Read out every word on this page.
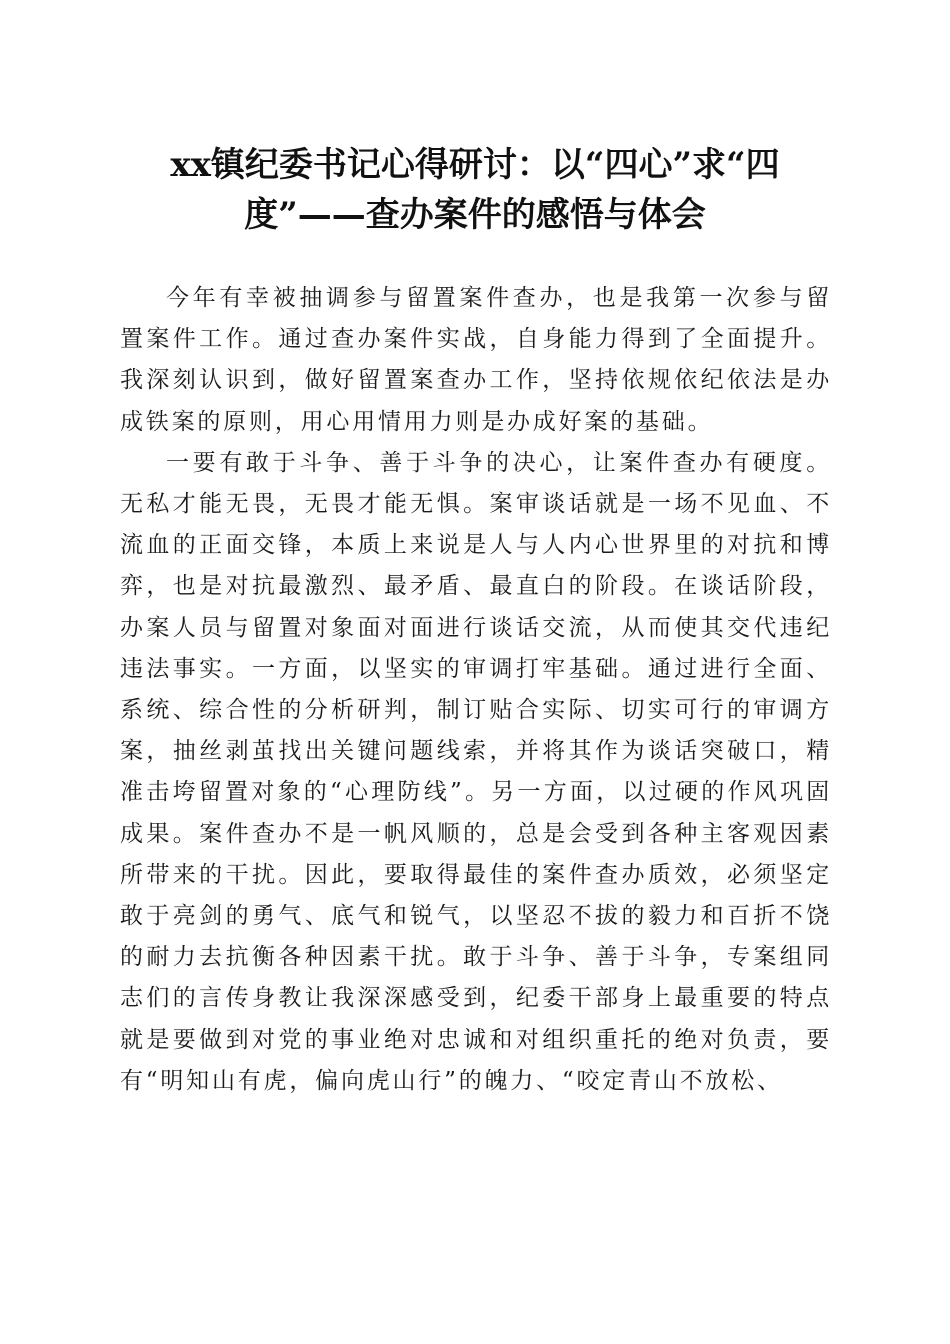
xx镇纪委书记心得研讨：以“四心”求“四度”——查办案件的感悟与体会

今年有幸被抽调参与留置案件查办，也是我第一次参与留置案件工作。通过查办案件实战，自身能力得到了全面提升。我深刻认识到，做好留置案查办工作，坚持依规依纪依法是办成铁案的原则，用心用情用力则是办成好案的基础。

一要有敢于斗争、善于斗争的决心，让案件查办有硬度。无私才能无畏，无畏才能无惧。案审谈话就是一场不见血、不流血的正面交锋，本质上来说是人与人内心世界里的对抗和博弈，也是对抗最激烈、最矛盾、最直白的阶段。在谈话阶段，办案人员与留置对象面对面进行谈话交流，从而使其交代违纪违法事实。一方面，以坚实的审调打牢基础。通过进行全面、系统、综合性的分析研判，制订贴合实际、切实可行的审调方案，抽丝剥茧找出关键问题线索，并将其作为谈话突破口，精准击垮留置对象的“心理防线”。另一方面，以过硬的作风巩固成果。案件查办不是一帆风顺的，总是会受到各种主客观因素所带来的干扰。因此，要取得最佳的案件查办质效，必须坚定敢于亮剑的勇气、底气和锐气，以坚忍不拔的毅力和百折不饶的耐力去抗衡各种因素干扰。敢于斗争、善于斗争，专案组同志们的言传身教让我深深感受到，纪委干部身上最重要的特点就是要做到对党的事业绝对忠诚和对组织重托的绝对负责，要有“明知山有虎，偏向虎山行”的魄力、“咬定青山不放松、
